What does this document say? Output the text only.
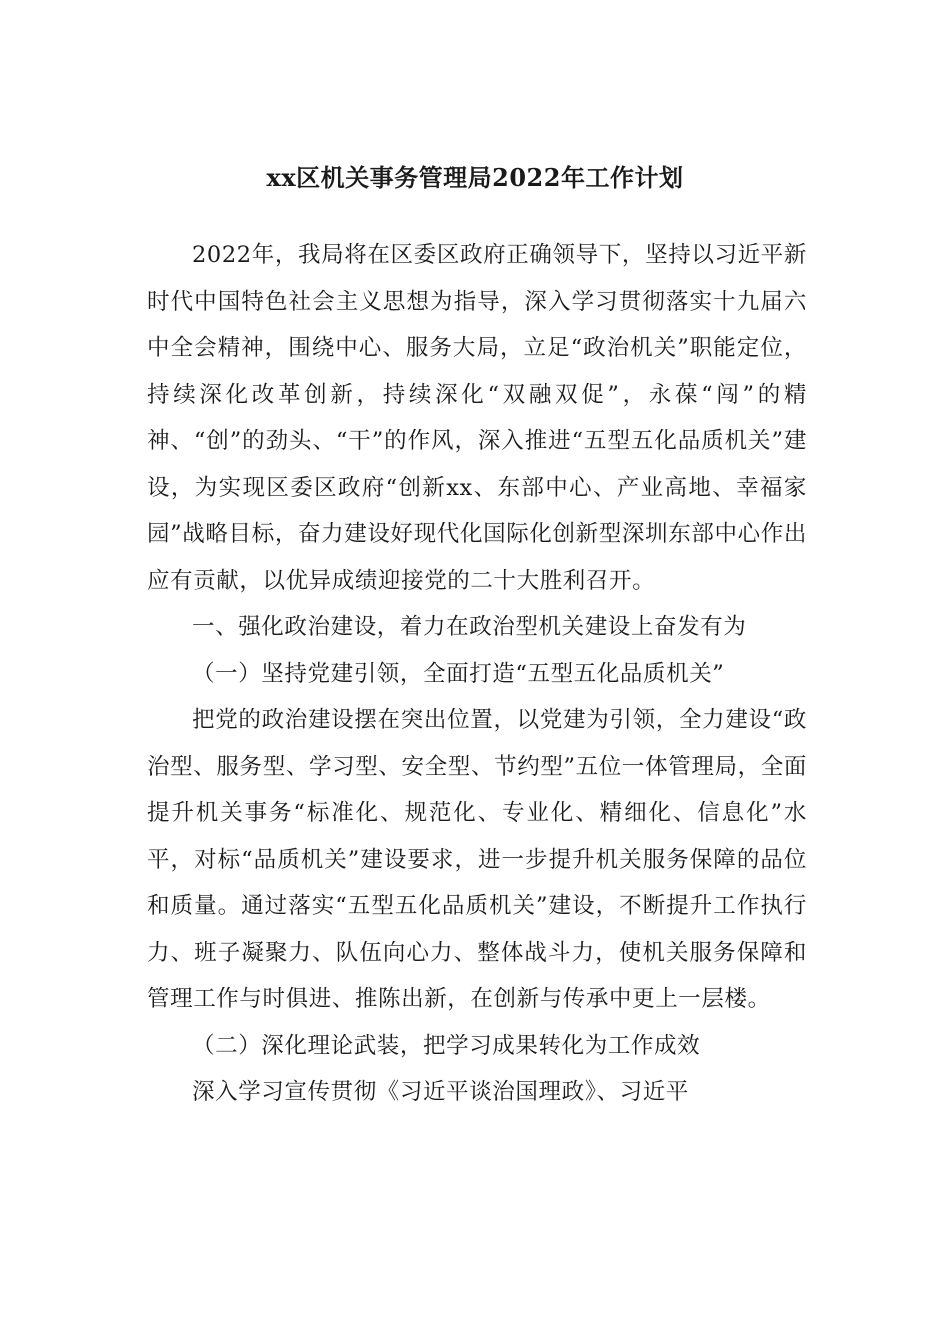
xx区机关事务管理局2022年工作计划

2022年，我局将在区委区政府正确领导下，坚持以习近平新时代中国特色社会主义思想为指导，深入学习贯彻落实十九届六中全会精神，围绕中心、服务大局，立足“政治机关”职能定位，持续深化改革创新，持续深化“双融双促”，永葆“闯”的精神、“创”的劲头、“干”的作风，深入推进“五型五化品质机关”建设，为实现区委区政府“创新xx、东部中心、产业高地、幸福家园”战略目标，奋力建设好现代化国际化创新型深圳东部中心作出应有贡献，以优异成绩迎接党的二十大胜利召开。

一、强化政治建设，着力在政治型机关建设上奋发有为

（一）坚持党建引领，全面打造“五型五化品质机关”

把党的政治建设摆在突出位置，以党建为引领，全力建设“政治型、服务型、学习型、安全型、节约型”五位一体管理局，全面提升机关事务“标准化、规范化、专业化、精细化、信息化”水平，对标“品质机关”建设要求，进一步提升机关服务保障的品位和质量。通过落实“五型五化品质机关”建设，不断提升工作执行力、班子凝聚力、队伍向心力、整体战斗力，使机关服务保障和管理工作与时俱进、推陈出新，在创新与传承中更上一层楼。

（二）深化理论武装，把学习成果转化为工作成效

深入学习宣传贯彻《习近平谈治国理政》、习近平
